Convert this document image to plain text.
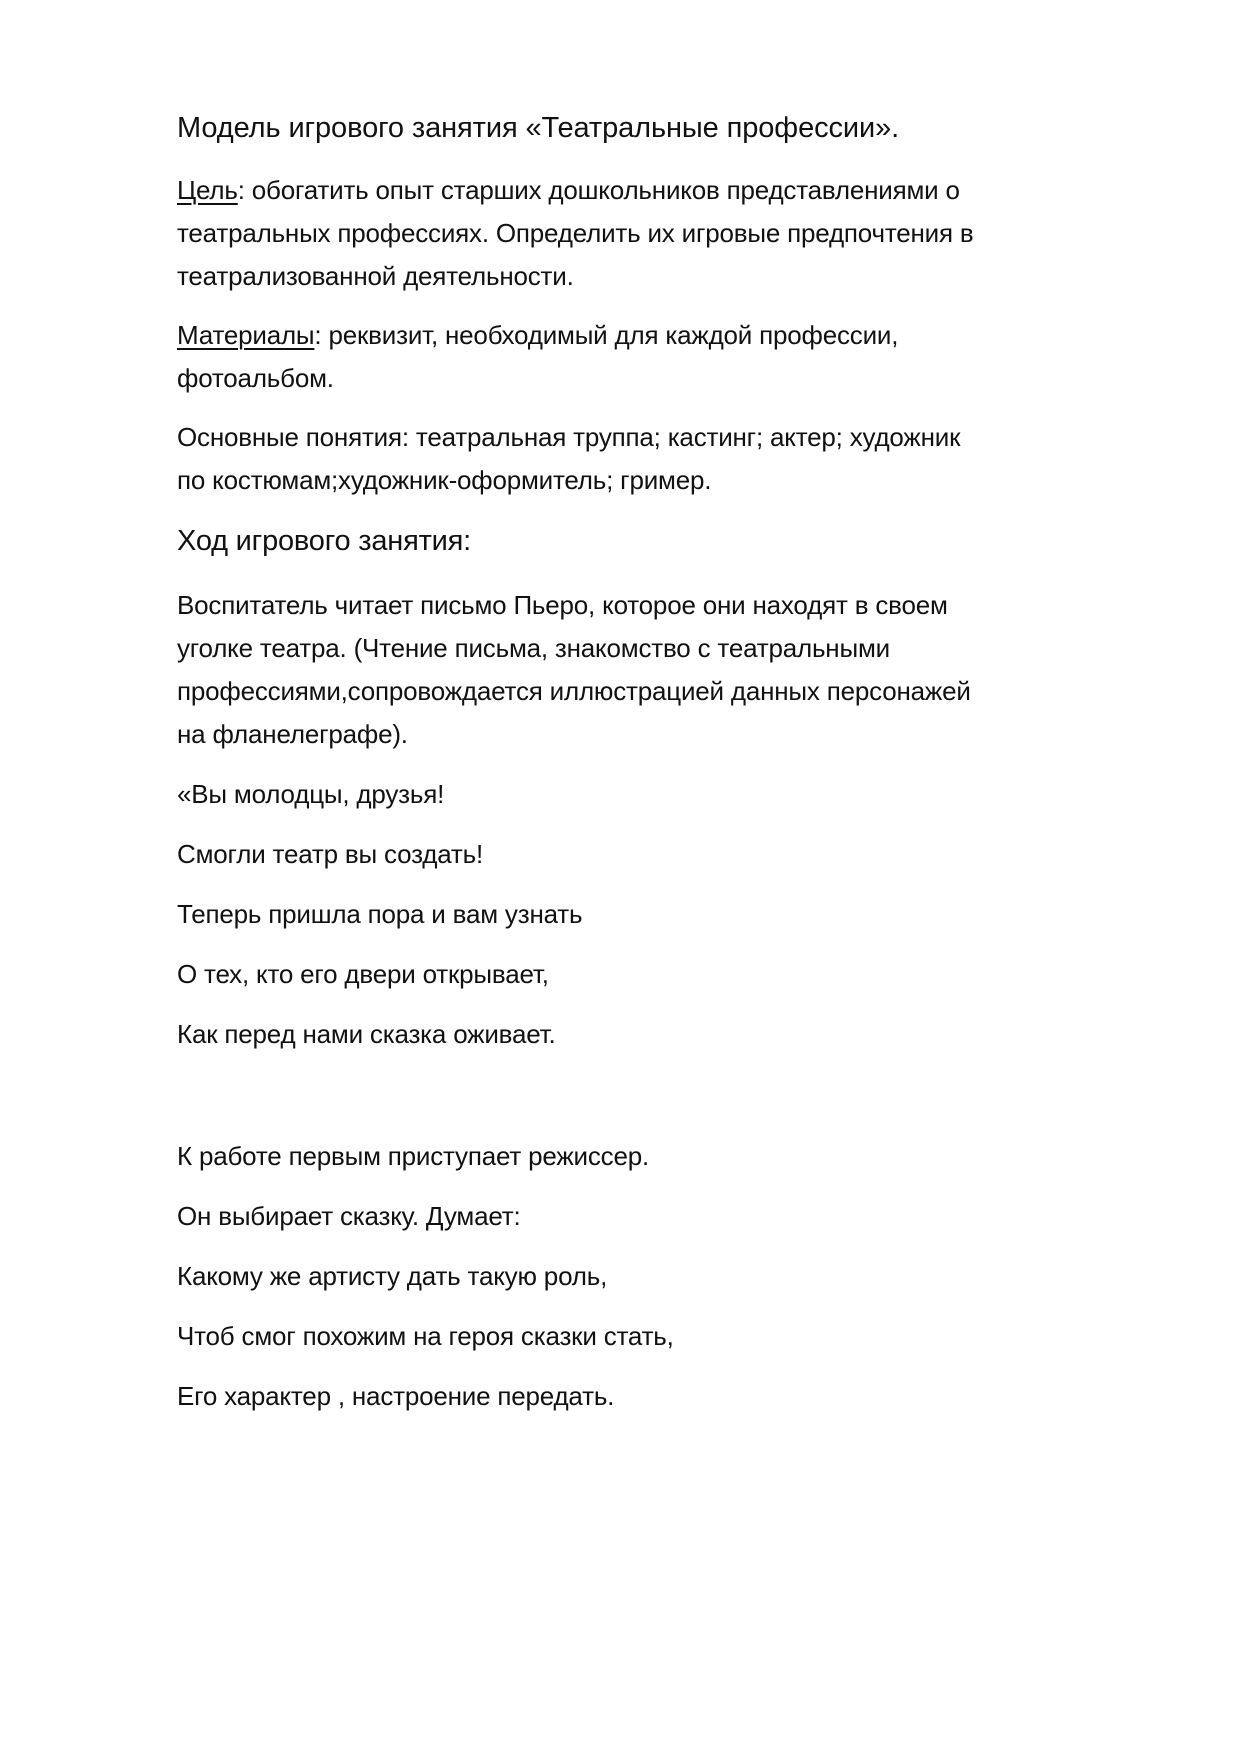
Модель игрового занятия «Театральные профессии».
Цель: обогатить опыт старших дошкольников представлениями о
театральных профессиях. Определить их игровые предпочтения в
театрализованной деятельности.
Материалы: реквизит, необходимый для каждой профессии,
фотоальбом.
Основные понятия: театральная труппа; кастинг; актер; художник
по костюмам;художник-оформитель; гример.
Ход игрового занятия:
Воспитатель читает письмо Пьеро, которое они находят в своем
уголке театра. (Чтение письма, знакомство с театральными
профессиями,сопровождается иллюстрацией данных персонажей
на фланелеграфе).
«Вы молодцы, друзья!
Смогли театр вы создать!
Теперь пришла пора и вам узнать
О тех, кто его двери открывает,
Как перед нами сказка оживает.
К работе первым приступает режиссер.
Он выбирает сказку. Думает:
Какому же артисту дать такую роль,
Чтоб смог похожим на героя сказки стать,
Его характер , настроение передать.
